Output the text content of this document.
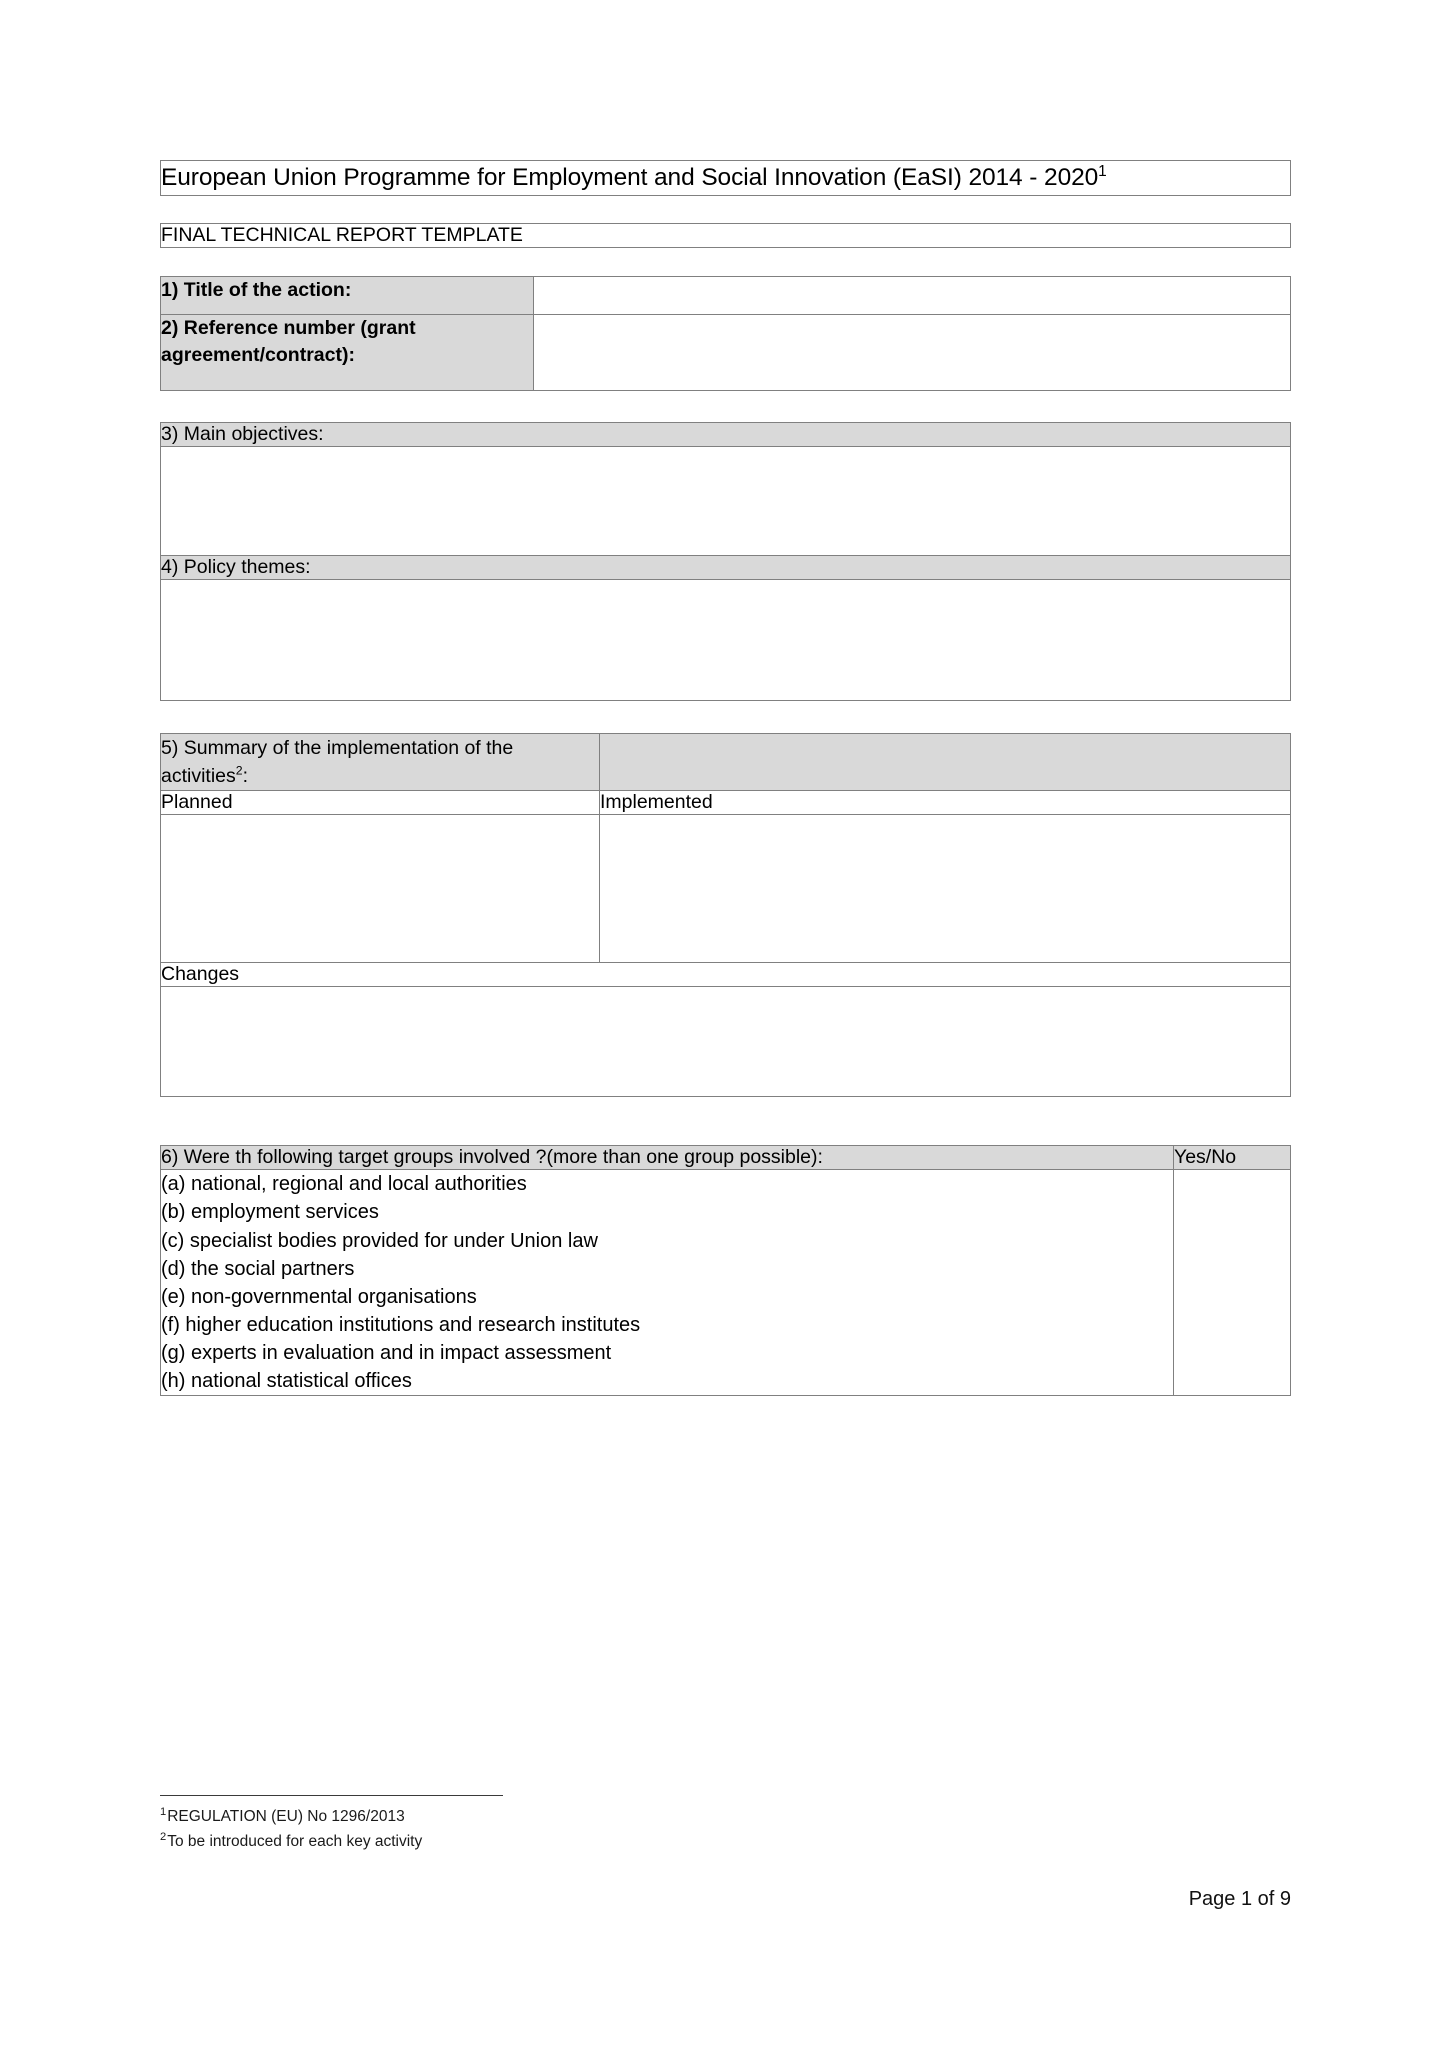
European Union Programme for Employment and Social Innovation (EaSI) 2014 - 2020$^1$
FINAL TECHNICAL REPORT TEMPLATE
1) Title of the action:	
2) Reference number (grant
agreement/contract):	
3) Main objectives:

4) Policy themes:

5) Summary of the implementation of the
activities$^2$:	
Planned	Implemented

Changes	

6) Were th following target groups involved ?(more than one group possible):	Yes/No

(a) national, regional and local authorities
(b) employment services
(c) specialist bodies provided for under Union law
(d) the social partners
(e) non-governmental organisations
(f) higher education institutions and research institutes
(g) experts in evaluation and in impact assessment
(h) national statistical offices

$^1$REGULATION (EU) No 1296/2013
$^2$To be introduced for each key activity
Page 1 of 9
